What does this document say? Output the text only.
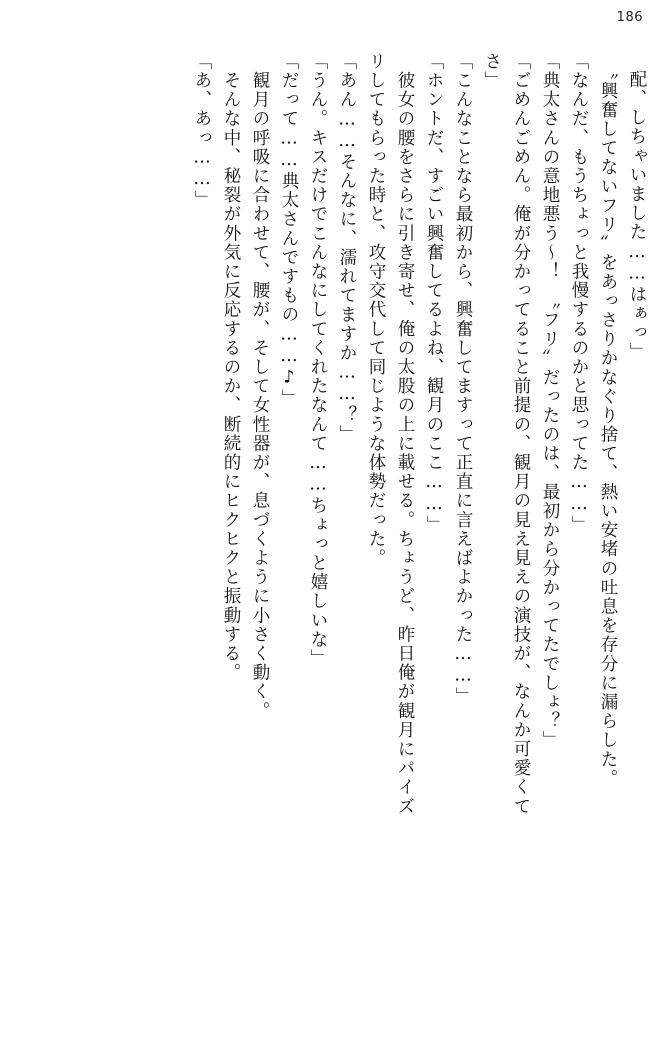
186
配、しちゃいました……はぁっ」
　〝興奮してないフリ〟をあっさりかなぐり捨て、熱い安堵の吐息を存分に漏らした。
「なんだ、もうちょっと我慢するのかと思ってた……」
「典太さんの意地悪う～！　〝フリ〟だったのは、最初から分かってたでしょ？」
「ごめんごめん。俺が分かってること前提の、観月の見え見えの演技が、なんか可愛くて
さ」
「こんなことなら最初から、興奮してますって正直に言えばよかった……」
「ホントだ、すごい興奮してるよね、観月のここ……」
　彼女の腰をさらに引き寄せ、俺の太股の上に載せる。ちょうど、昨日俺が観月にパイズ
リしてもらった時と、攻守交代して同じような体勢だった。
「あん……そんなに、濡れてますか……？」
「うん。キスだけでこんなにしてくれたなんて……ちょっと嬉しいな」
「だって……典太さんですもの……♪」
　観月の呼吸に合わせて、腰が、そして女性器が、息づくように小さく動く。
　そんな中、秘裂が外気に反応するのか、断続的にヒクヒクと振動する。
「あ、あっ……」
